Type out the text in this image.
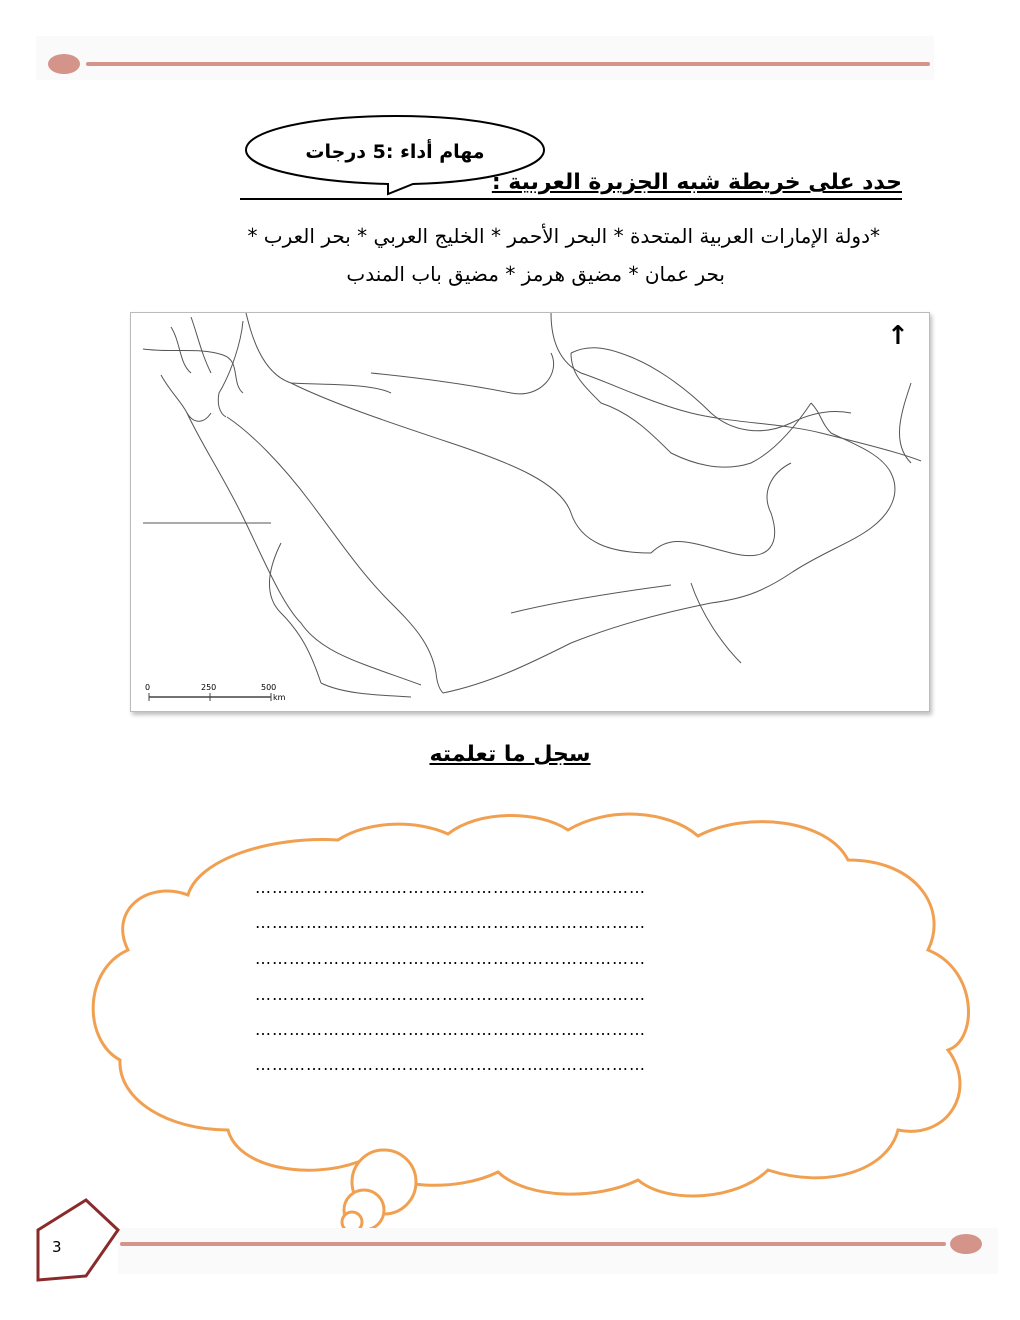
مهام أداء :5 درجات
حدد على خريطة شبه الجزيرة العربية :
*دولة الإمارات العربية المتحدة * البحر الأحمر * الخليج العربي * بحر العرب *
بحر عمان * مضيق هرمز * مضيق باب المندب
0	250	500
km
↑
سجل ما تعلمته
……………………………………………………………
……………………………………………………………
……………………………………………………………
……………………………………………………………
……………………………………………………………
……………………………………………………………
3
